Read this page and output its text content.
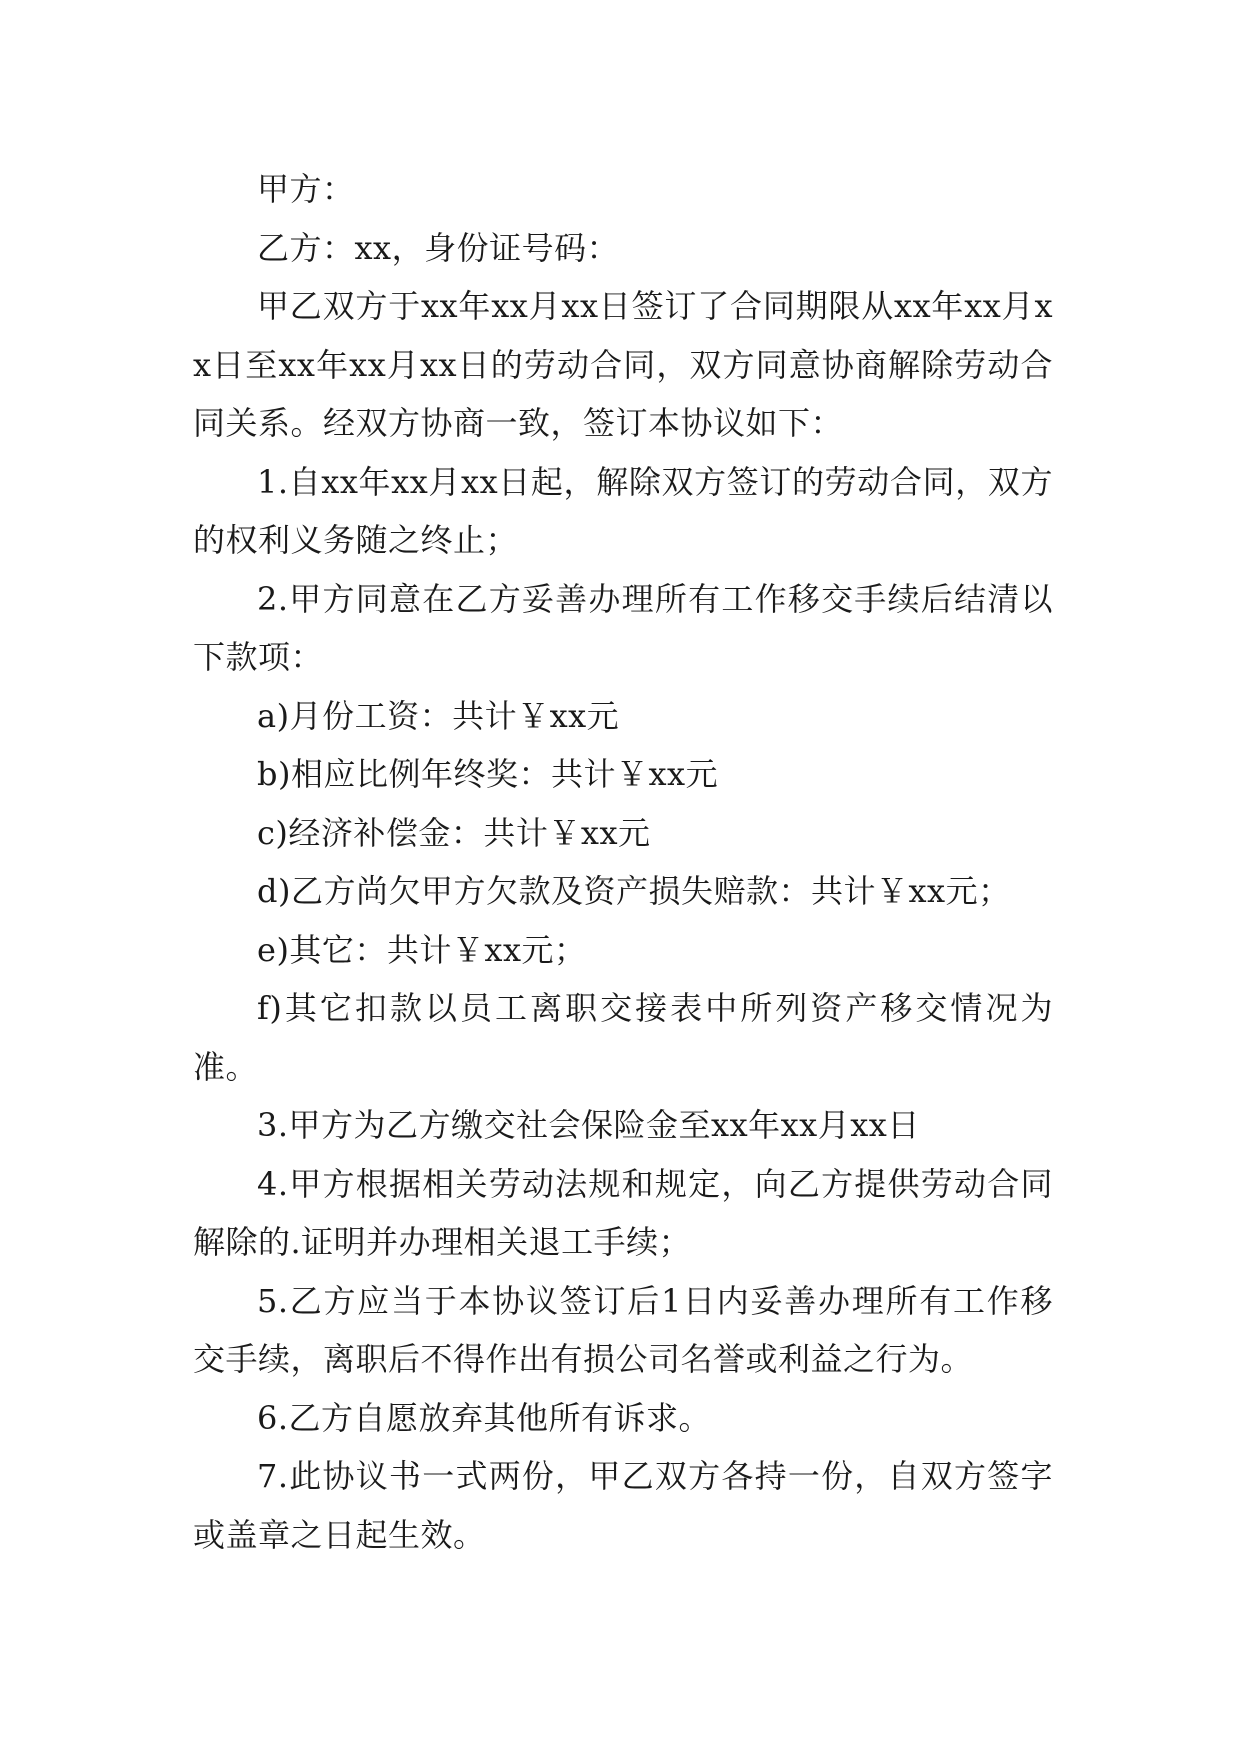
甲方：

乙方：xx，身份证号码：

甲乙双方于xx年xx月xx日签订了合同期限从xx年xx月xx日至xx年xx月xx日的劳动合同，双方同意协商解除劳动合同关系。经双方协商一致，签订本协议如下：

1.自xx年xx月xx日起，解除双方签订的劳动合同，双方的权利义务随之终止；

2.甲方同意在乙方妥善办理所有工作移交手续后结清以下款项：

a)月份工资：共计￥xx元

b)相应比例年终奖：共计￥xx元

c)经济补偿金：共计￥xx元

d)乙方尚欠甲方欠款及资产损失赔款：共计￥xx元；

e)其它：共计￥xx元；

f)其它扣款以员工离职交接表中所列资产移交情况为准。

3.甲方为乙方缴交社会保险金至xx年xx月xx日

4.甲方根据相关劳动法规和规定，向乙方提供劳动合同解除的.证明并办理相关退工手续；

5.乙方应当于本协议签订后1日内妥善办理所有工作移交手续，离职后不得作出有损公司名誉或利益之行为。

6.乙方自愿放弃其他所有诉求。

7.此协议书一式两份，甲乙双方各持一份，自双方签字或盖章之日起生效。
